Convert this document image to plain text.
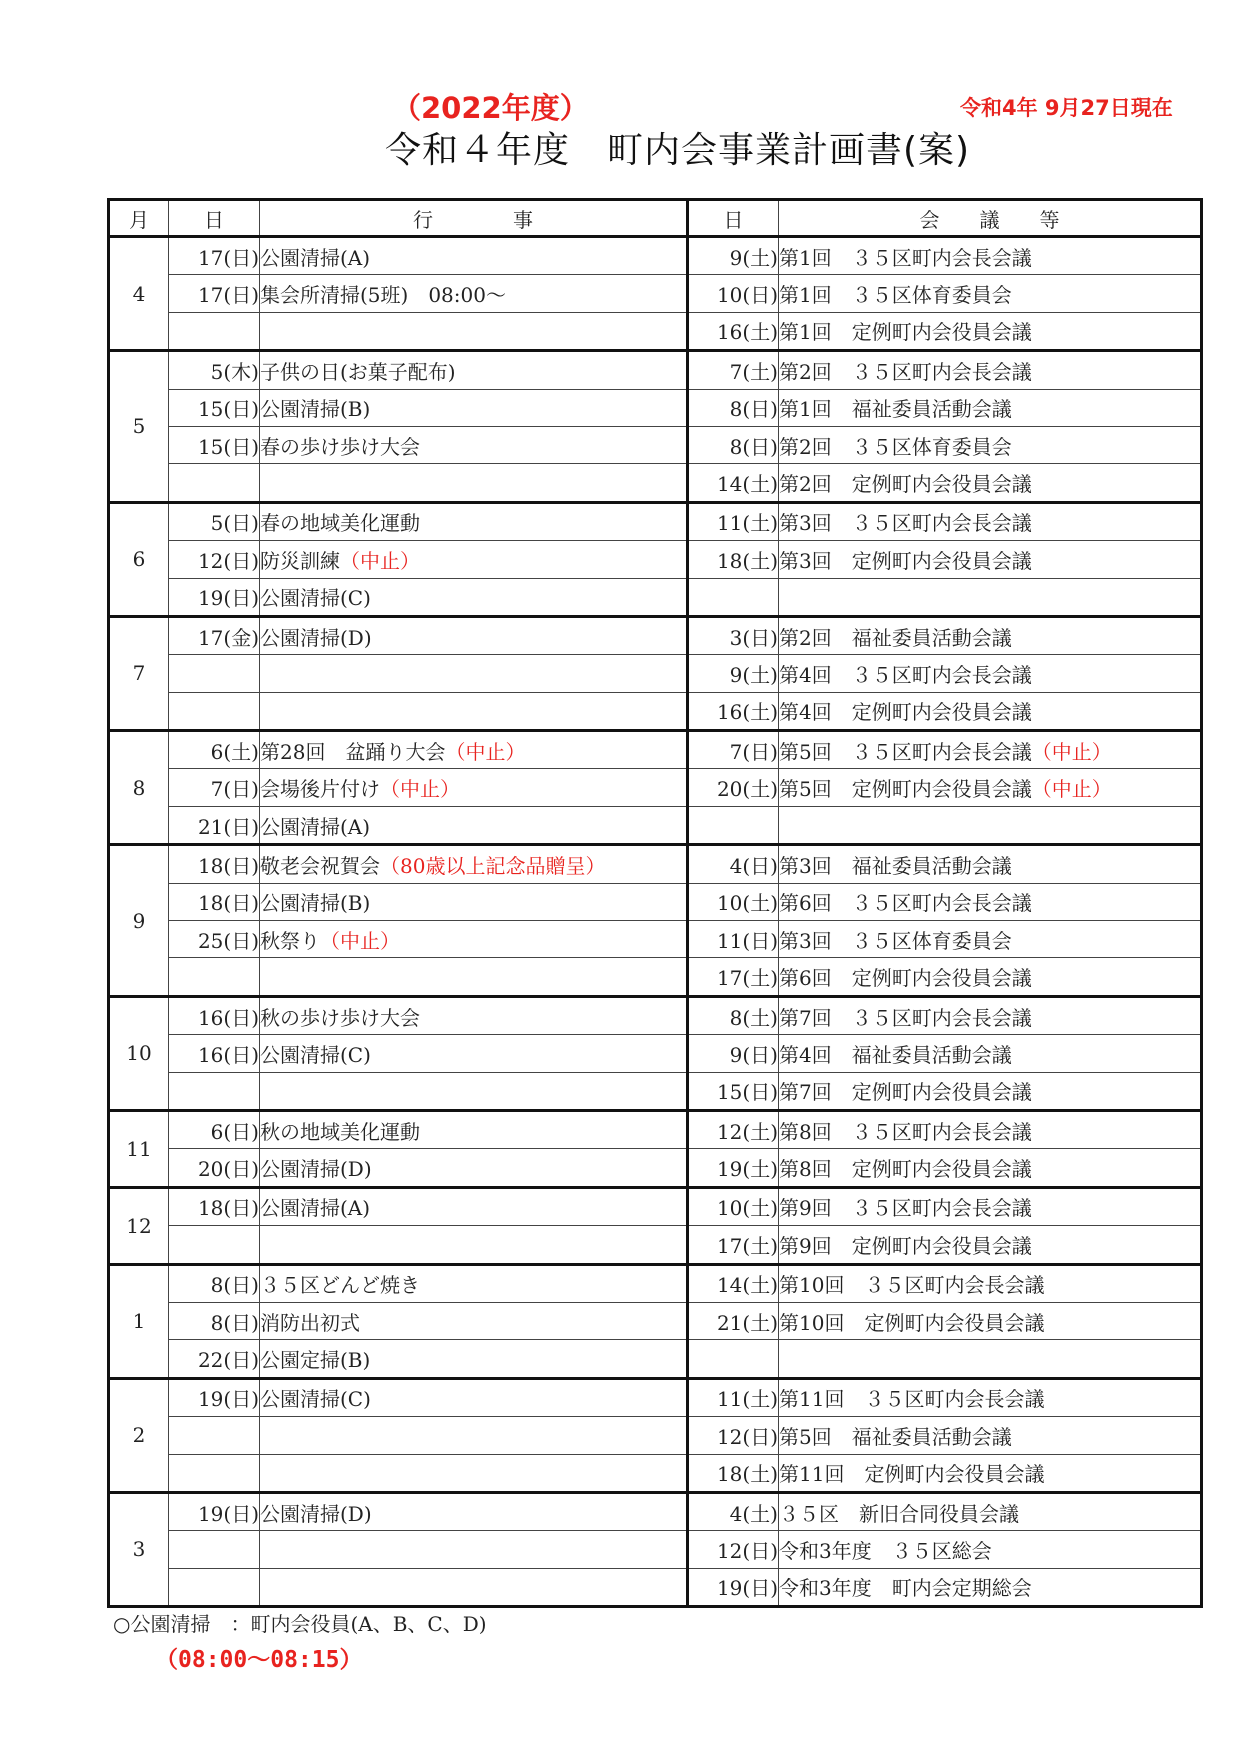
（2022年度）
令和４年度　町内会事業計画書(案)
令和4年 9月27日現在
月	日	行　　　　事	日	会　　議　　等
4	17(日)	公園清掃(A)	9(土)	第1回　３５区町内会長会議
	17(日)	集会所清掃(5班)　08:00～	10(日)	第1回　３５区体育委員会
			16(土)	第1回　定例町内会役員会議
5	5(木)	子供の日(お菓子配布)	7(土)	第2回　３５区町内会長会議
	15(日)	公園清掃(B)	8(日)	第1回　福祉委員活動会議
	15(日)	春の歩け歩け大会	8(日)	第2回　３５区体育委員会
			14(土)	第2回　定例町内会役員会議
6	5(日)	春の地域美化運動	11(土)	第3回　３５区町内会長会議
	12(日)	防災訓練（中止）	18(土)	第3回　定例町内会役員会議
	19(日)	公園清掃(C)		
7	17(金)	公園清掃(D)	3(日)	第2回　福祉委員活動会議
			9(土)	第4回　３５区町内会長会議
			16(土)	第4回　定例町内会役員会議
8	6(土)	第28回　盆踊り大会（中止）	7(日)	第5回　３５区町内会長会議（中止）
	7(日)	会場後片付け（中止）	20(土)	第5回　定例町内会役員会議（中止）
	21(日)	公園清掃(A)		
9	18(日)	敬老会祝賀会（80歳以上記念品贈呈）	4(日)	第3回　福祉委員活動会議
	18(日)	公園清掃(B)	10(土)	第6回　３５区町内会長会議
	25(日)	秋祭り（中止）	11(日)	第3回　３５区体育委員会
			17(土)	第6回　定例町内会役員会議
10	16(日)	秋の歩け歩け大会	8(土)	第7回　３５区町内会長会議
	16(日)	公園清掃(C)	9(日)	第4回　福祉委員活動会議
			15(日)	第7回　定例町内会役員会議
11	6(日)	秋の地域美化運動	12(土)	第8回　３５区町内会長会議
	20(日)	公園清掃(D)	19(土)	第8回　定例町内会役員会議
12	18(日)	公園清掃(A)	10(土)	第9回　３５区町内会長会議
			17(土)	第9回　定例町内会役員会議
1	8(日)	３５区どんど焼き	14(土)	第10回　３５区町内会長会議
	8(日)	消防出初式	21(土)	第10回　定例町内会役員会議
	22(日)	公園定掃(B)		
2	19(日)	公園清掃(C)	11(土)	第11回　３５区町内会長会議
			12(日)	第5回　福祉委員活動会議
			18(土)	第11回　定例町内会役員会議
3	19(日)	公園清掃(D)	4(土)	３５区　新旧合同役員会議
			12(日)	令和3年度　３５区総会
			19(日)	令和3年度　町内会定期総会
○公園清掃　：町内会役員(A、B、C、D)
（08:00～08:15）
